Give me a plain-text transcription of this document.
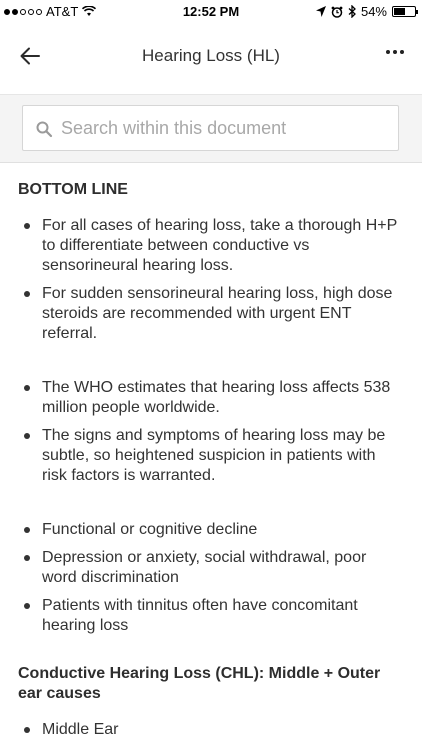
AT&T	12:52 PM	54%
Hearing Loss (HL)
Search within this document
BOTTOM LINE
For all cases of hearing loss, take a thorough H+P to differentiate between conductive vs sensorineural hearing loss.
For sudden sensorineural hearing loss, high dose steroids are recommended with urgent ENT referral.
The WHO estimates that hearing loss affects 538 million people worldwide.
The signs and symptoms of hearing loss may be subtle, so heightened suspicion in patients with risk factors is warranted.
Functional or cognitive decline
Depression or anxiety, social withdrawal, poor word discrimination
Patients with tinnitus often have concomitant hearing loss
Conductive Hearing Loss (CHL): Middle + Outer ear causes
Middle Ear
